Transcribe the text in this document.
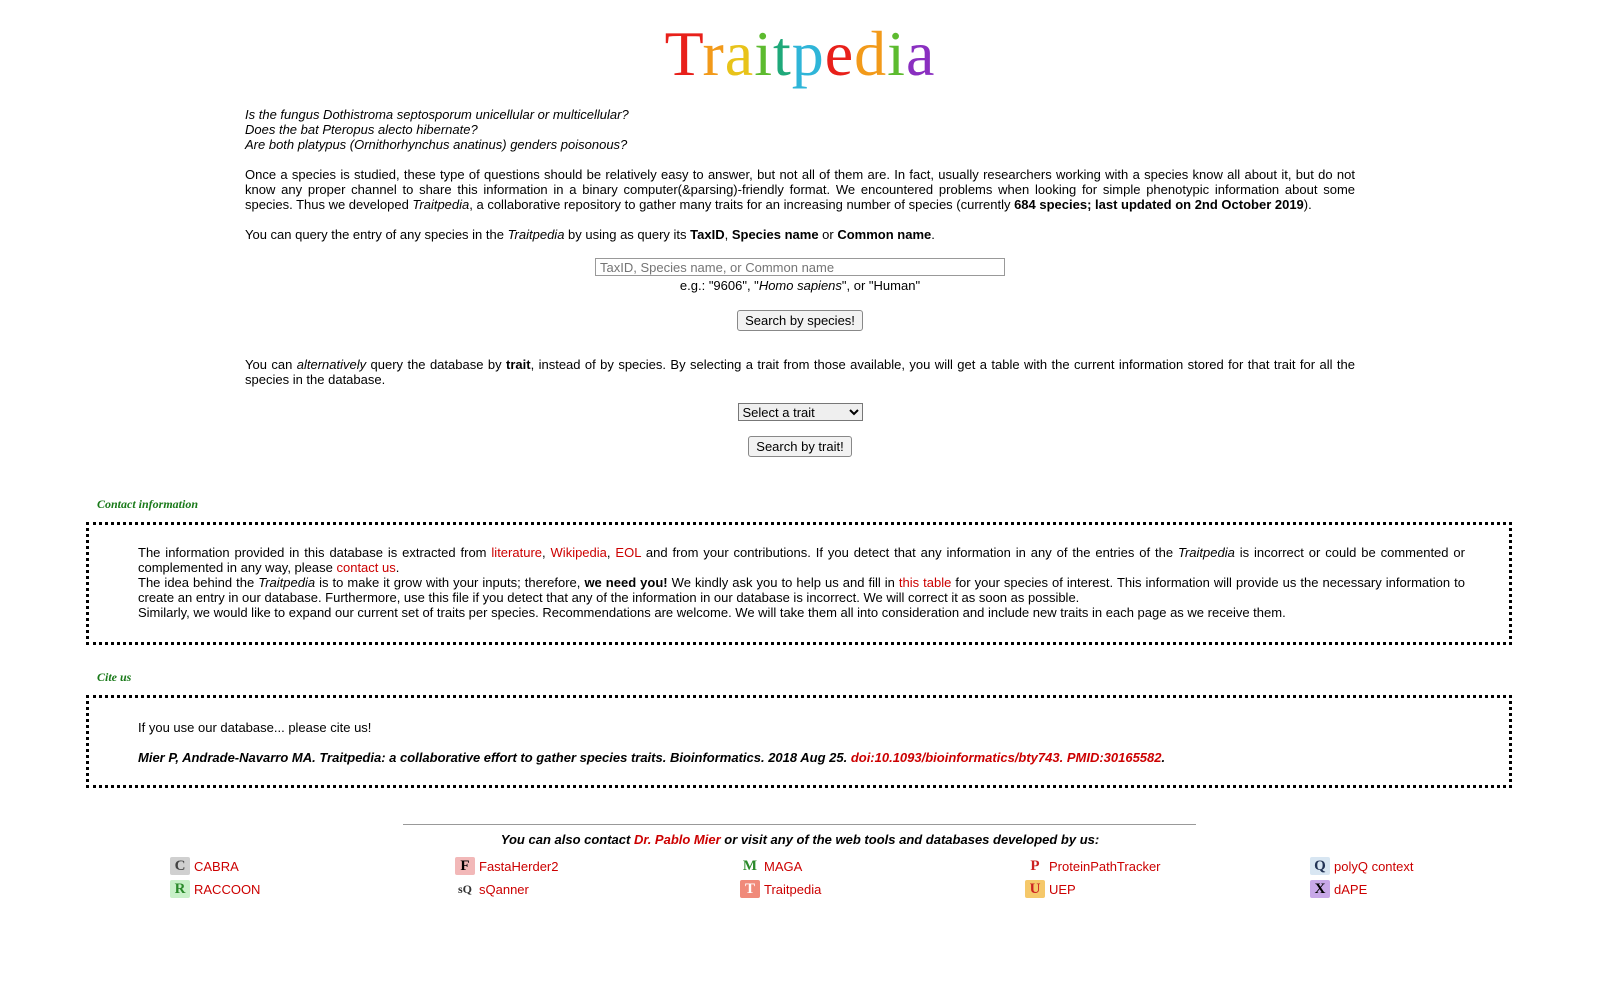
Traitpedia
Is the fungus Dothistroma septosporum unicellular or multicellular?
Does the bat Pteropus alecto hibernate?
Are both platypus (Ornithorhynchus anatinus) genders poisonous?
Once a species is studied, these type of questions should be relatively easy to answer, but not all of them are. In fact, usually researchers working with a species know all about it, but do not know any proper channel to share this information in a binary computer(&parsing)-friendly format. We encountered problems when looking for simple phenotypic information about some species. Thus we developed Traitpedia, a collaborative repository to gather many traits for an increasing number of species (currently 684 species; last updated on 2nd October 2019).
You can query the entry of any species in the Traitpedia by using as query its TaxID, Species name or Common name.
TaxID, Species name, or Common name
e.g.: "9606", "Homo sapiens", or "Human"
Search by species!
You can alternatively query the database by trait, instead of by species. By selecting a trait from those available, you will get a table with the current information stored for that trait for all the species in the database.
Select a trait
Search by trait!
Contact information
The information provided in this database is extracted from literature, Wikipedia, EOL and from your contributions. If you detect that any information in any of the entries of the Traitpedia is incorrect or could be commented or complemented in any way, please contact us.
The idea behind the Traitpedia is to make it grow with your inputs; therefore, we need you! We kindly ask you to help us and fill in this table for your species of interest. This information will provide us the necessary information to create an entry in our database. Furthermore, use this file if you detect that any of the information in our database is incorrect. We will correct it as soon as possible.
Similarly, we would like to expand our current set of traits per species. Recommendations are welcome. We will take them all into consideration and include new traits in each page as we receive them.
Cite us
If you use our database... please cite us!
Mier P, Andrade-Navarro MA. Traitpedia: a collaborative effort to gather species traits. Bioinformatics. 2018 Aug 25. doi:10.1093/bioinformatics/bty743. PMID:30165582.
You can also contact Dr. Pablo Mier or visit any of the web tools and databases developed by us:
C CABRA	F FastaHerder2	M MAGA	P ProteinPathTracker	Q polyQ context
R RACCOON	sQ sQanner	T Traitpedia	U UEP	X dAPE
